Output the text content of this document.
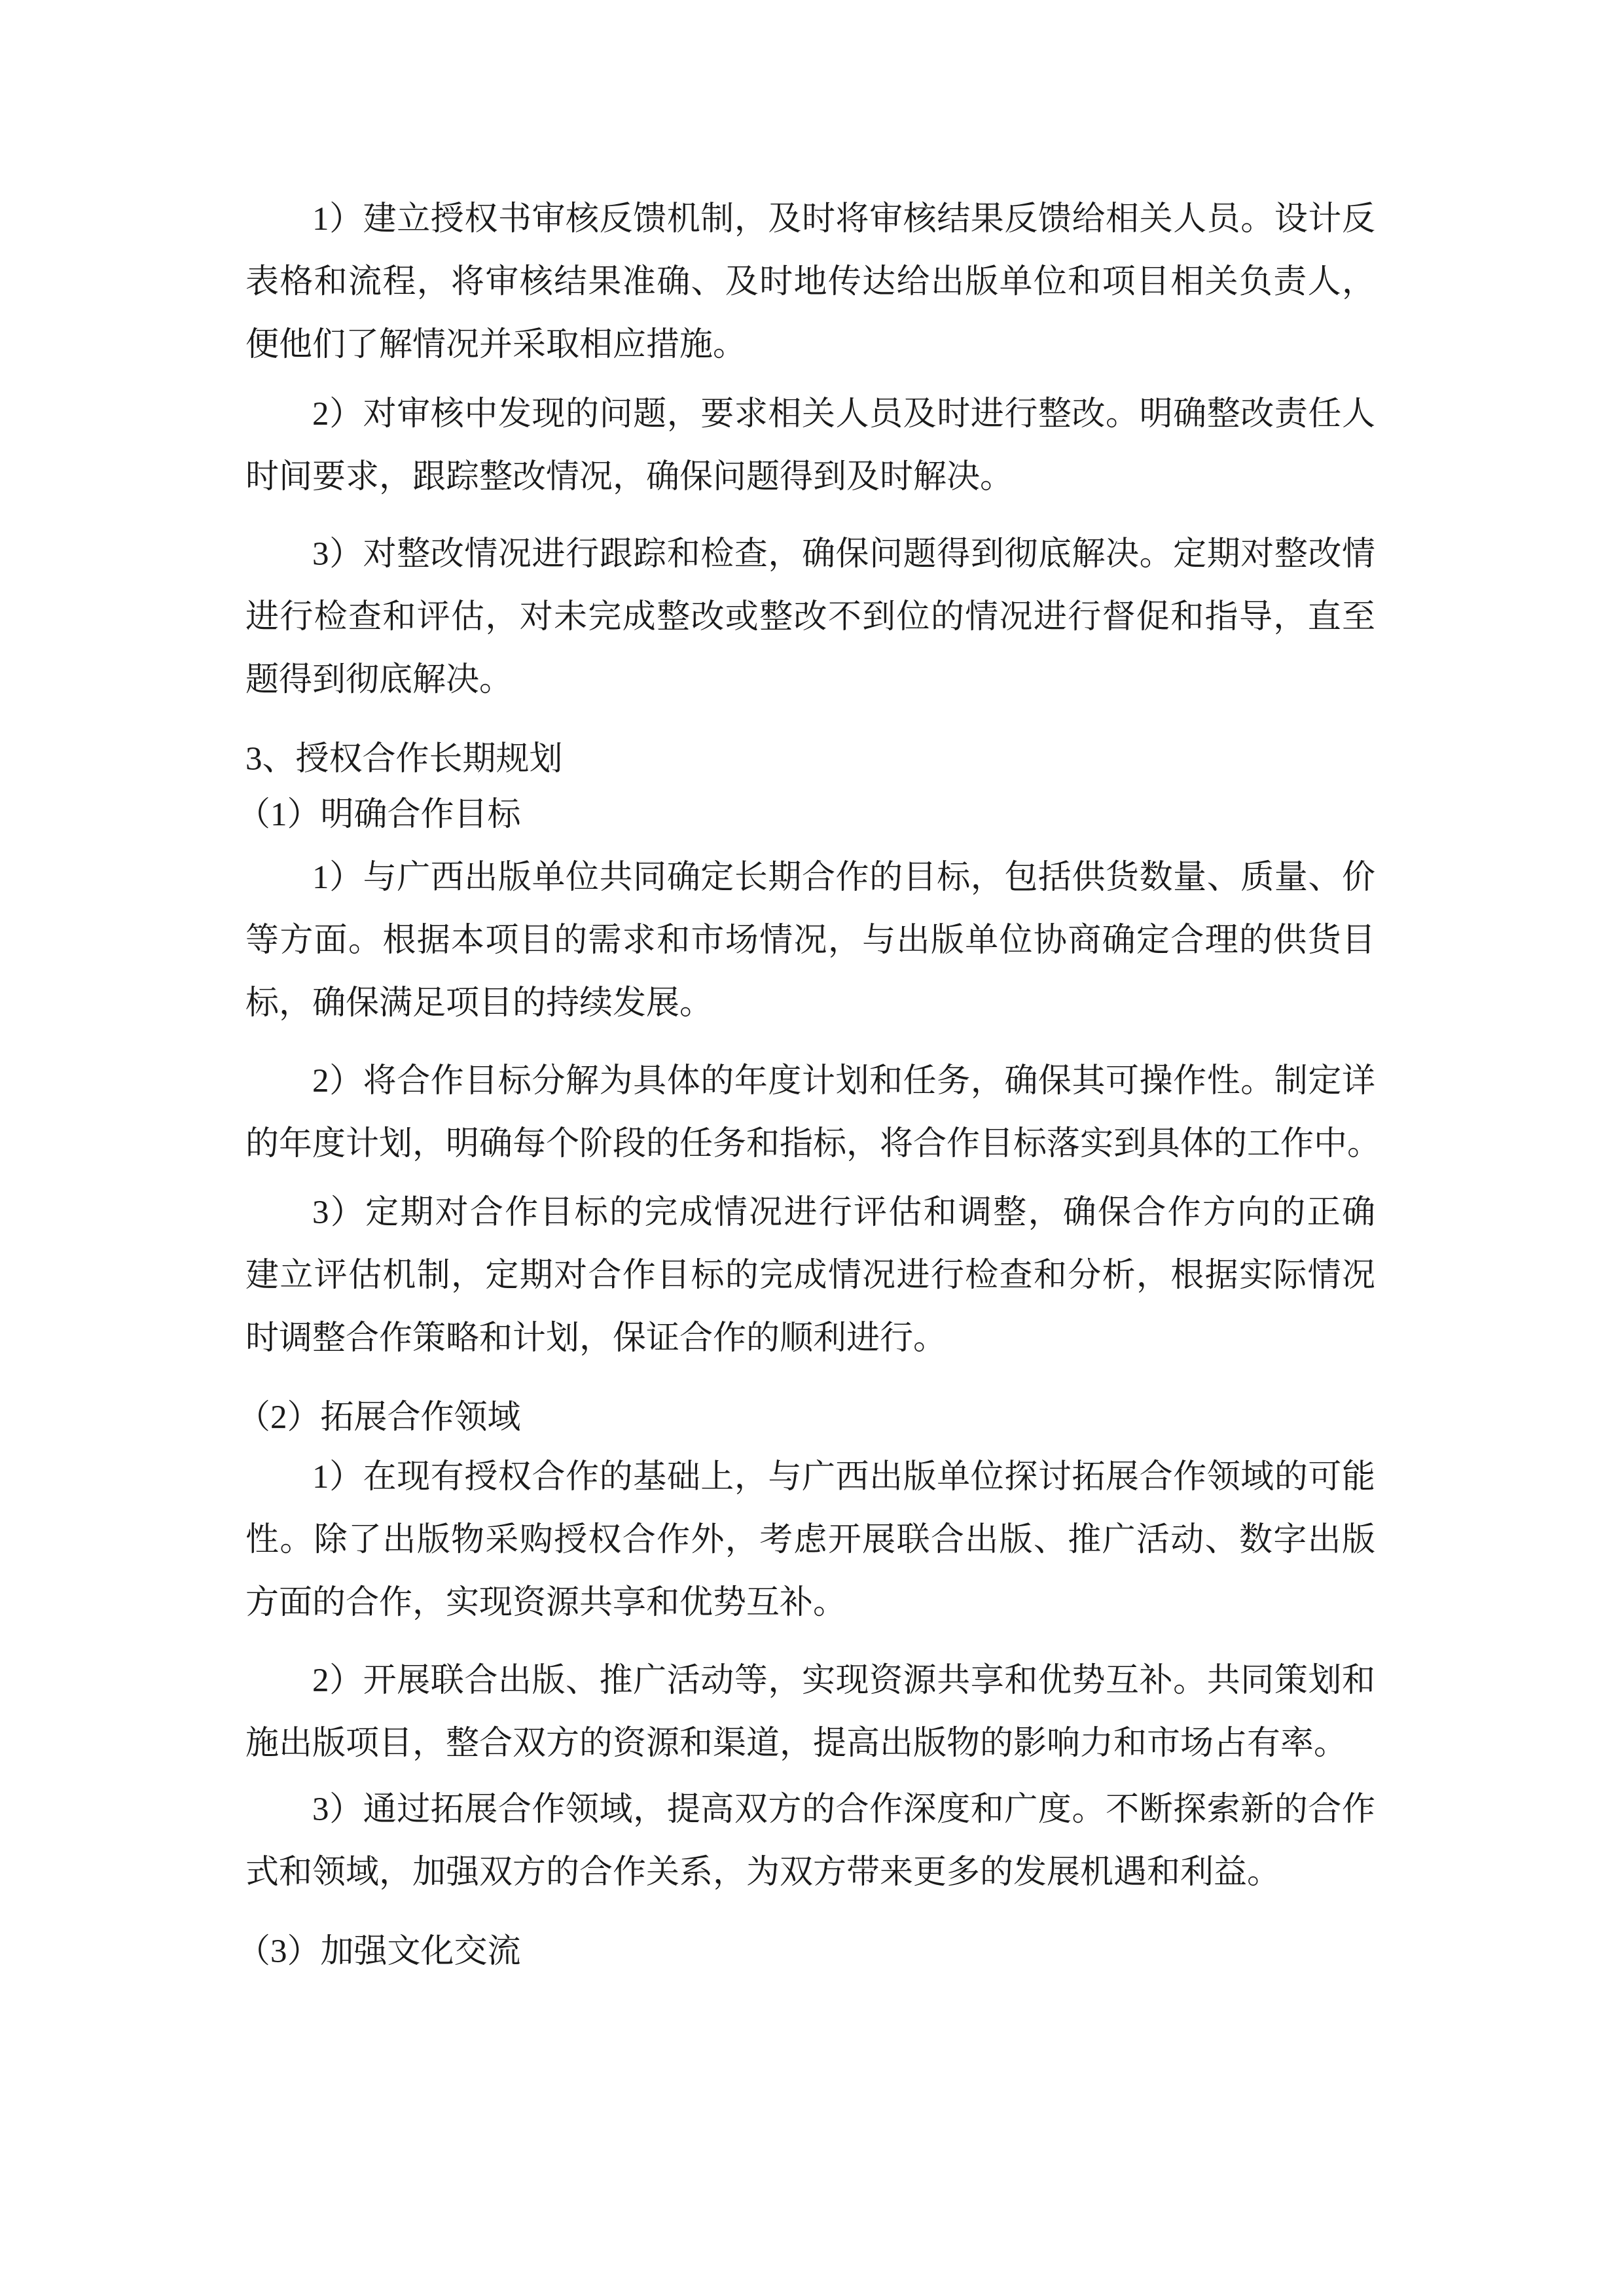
1）建立授权书审核反馈机制，及时将审核结果反馈给相关人员。设计反
表格和流程，将审核结果准确、及时地传达给出版单位和项目相关负责人，
便他们了解情况并采取相应措施。
2）对审核中发现的问题，要求相关人员及时进行整改。明确整改责任人
时间要求，跟踪整改情况，确保问题得到及时解决。
3）对整改情况进行跟踪和检查，确保问题得到彻底解决。定期对整改情
进行检查和评估，对未完成整改或整改不到位的情况进行督促和指导，直至
题得到彻底解决。
3、授权合作长期规划
（1）明确合作目标
1）与广西出版单位共同确定长期合作的目标，包括供货数量、质量、价
等方面。根据本项目的需求和市场情况，与出版单位协商确定合理的供货目
标，确保满足项目的持续发展。
2）将合作目标分解为具体的年度计划和任务，确保其可操作性。制定详
的年度计划，明确每个阶段的任务和指标，将合作目标落实到具体的工作中。
3）定期对合作目标的完成情况进行评估和调整，确保合作方向的正确
建立评估机制，定期对合作目标的完成情况进行检查和分析，根据实际情况
时调整合作策略和计划，保证合作的顺利进行。
（2）拓展合作领域
1）在现有授权合作的基础上，与广西出版单位探讨拓展合作领域的可能
性。除了出版物采购授权合作外，考虑开展联合出版、推广活动、数字出版
方面的合作，实现资源共享和优势互补。
2）开展联合出版、推广活动等，实现资源共享和优势互补。共同策划和
施出版项目，整合双方的资源和渠道，提高出版物的影响力和市场占有率。
3）通过拓展合作领域，提高双方的合作深度和广度。不断探索新的合作
式和领域，加强双方的合作关系，为双方带来更多的发展机遇和利益。
（3）加强文化交流
